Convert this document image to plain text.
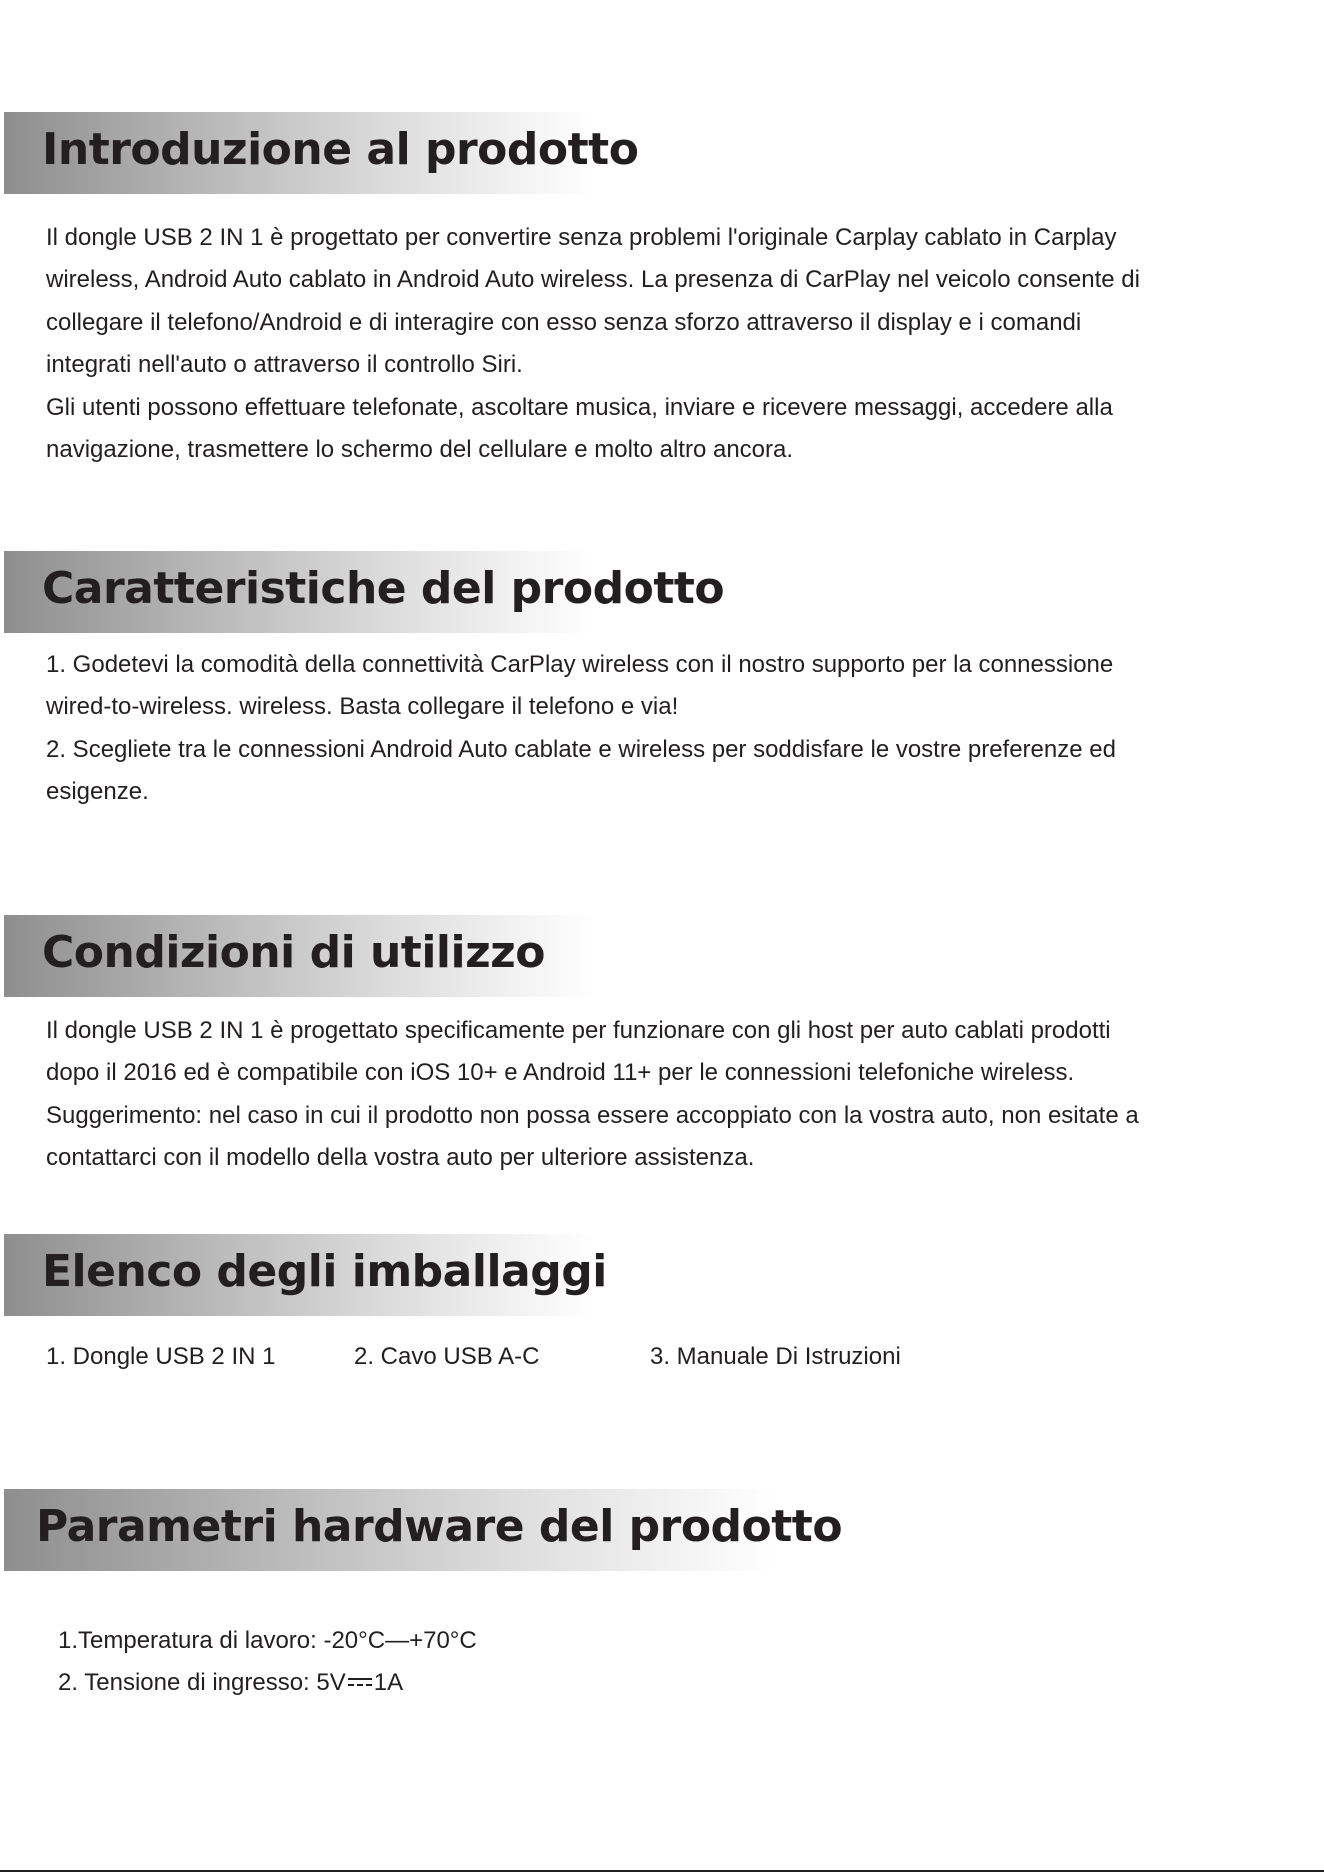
Introduzione al prodotto
Il dongle USB 2 IN 1 è progettato per convertire senza problemi l'originale Carplay cablato in Carplay
wireless, Android Auto cablato in Android Auto wireless. La presenza di CarPlay nel veicolo consente di
collegare il telefono/Android e di interagire con esso senza sforzo attraverso il display e i comandi
integrati nell'auto o attraverso il controllo Siri.
Gli utenti possono effettuare telefonate, ascoltare musica, inviare e ricevere messaggi, accedere alla
navigazione, trasmettere lo schermo del cellulare e molto altro ancora.
Caratteristiche del prodotto
1. Godetevi la comodità della connettività CarPlay wireless con il nostro supporto per la connessione
wired-to-wireless. wireless. Basta collegare il telefono e via!
2. Scegliete tra le connessioni Android Auto cablate e wireless per soddisfare le vostre preferenze ed
esigenze.
Condizioni di utilizzo
Il dongle USB 2 IN 1 è progettato specificamente per funzionare con gli host per auto cablati prodotti
dopo il 2016 ed è compatibile con iOS 10+ e Android 11+ per le connessioni telefoniche wireless.
Suggerimento: nel caso in cui il prodotto non possa essere accoppiato con la vostra auto, non esitate a
contattarci con il modello della vostra auto per ulteriore assistenza.
Elenco degli imballaggi
1. Dongle USB 2 IN 1	2. Cavo USB A-C	3. Manuale Di Istruzioni
Parametri hardware del prodotto
1.Temperatura di lavoro: -20°C—+70°C
2. Tensione di ingresso: 5V 1A
